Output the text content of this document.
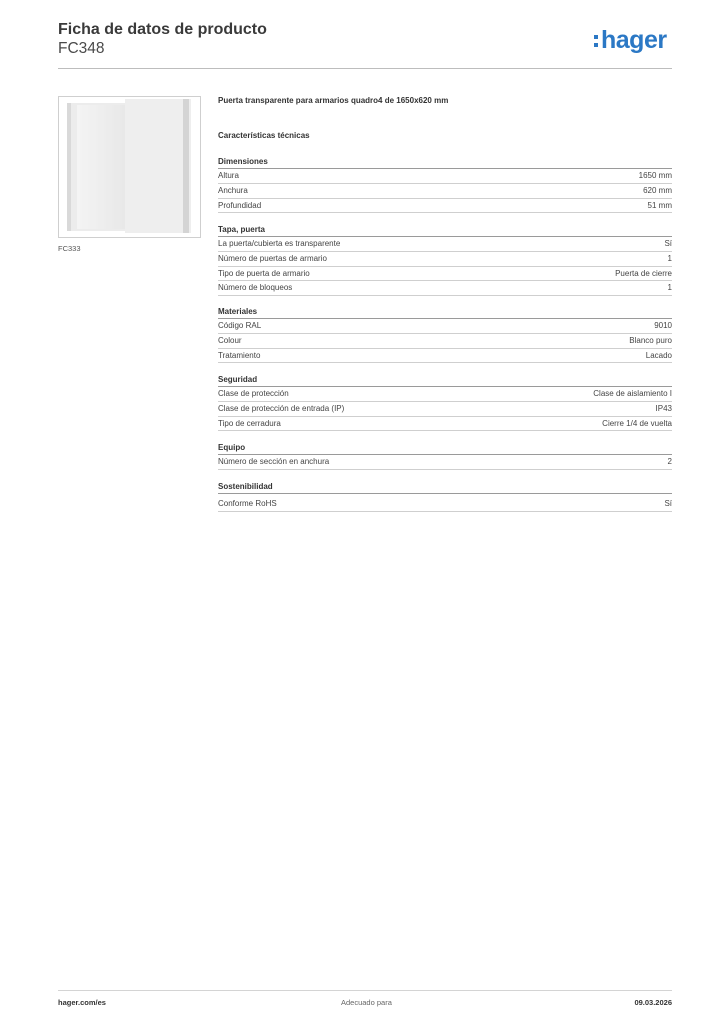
Ficha de datos de producto
FC348	hager
FC333
Puerta transparente para armarios quadro4 de 1650x620 mm
Características técnicas
Dimensiones
Altura	1650 mm
Anchura	620 mm
Profundidad	51 mm
Tapa, puerta
La puerta/cubierta es transparente	Sí
Número de puertas de armario	1
Tipo de puerta de armario	Puerta de cierre
Número de bloqueos	1
Materiales
Código RAL	9010
Colour	Blanco puro
Tratamiento	Lacado
Seguridad
Clase de protección	Clase de aislamiento I
Clase de protección de entrada (IP)	IP43
Tipo de cerradura	Cierre 1/4 de vuelta
Equipo
Número de sección en anchura	2
Sostenibilidad
Conforme RoHS	Sí
hager.com/es	Adecuado para	09.03.2026
